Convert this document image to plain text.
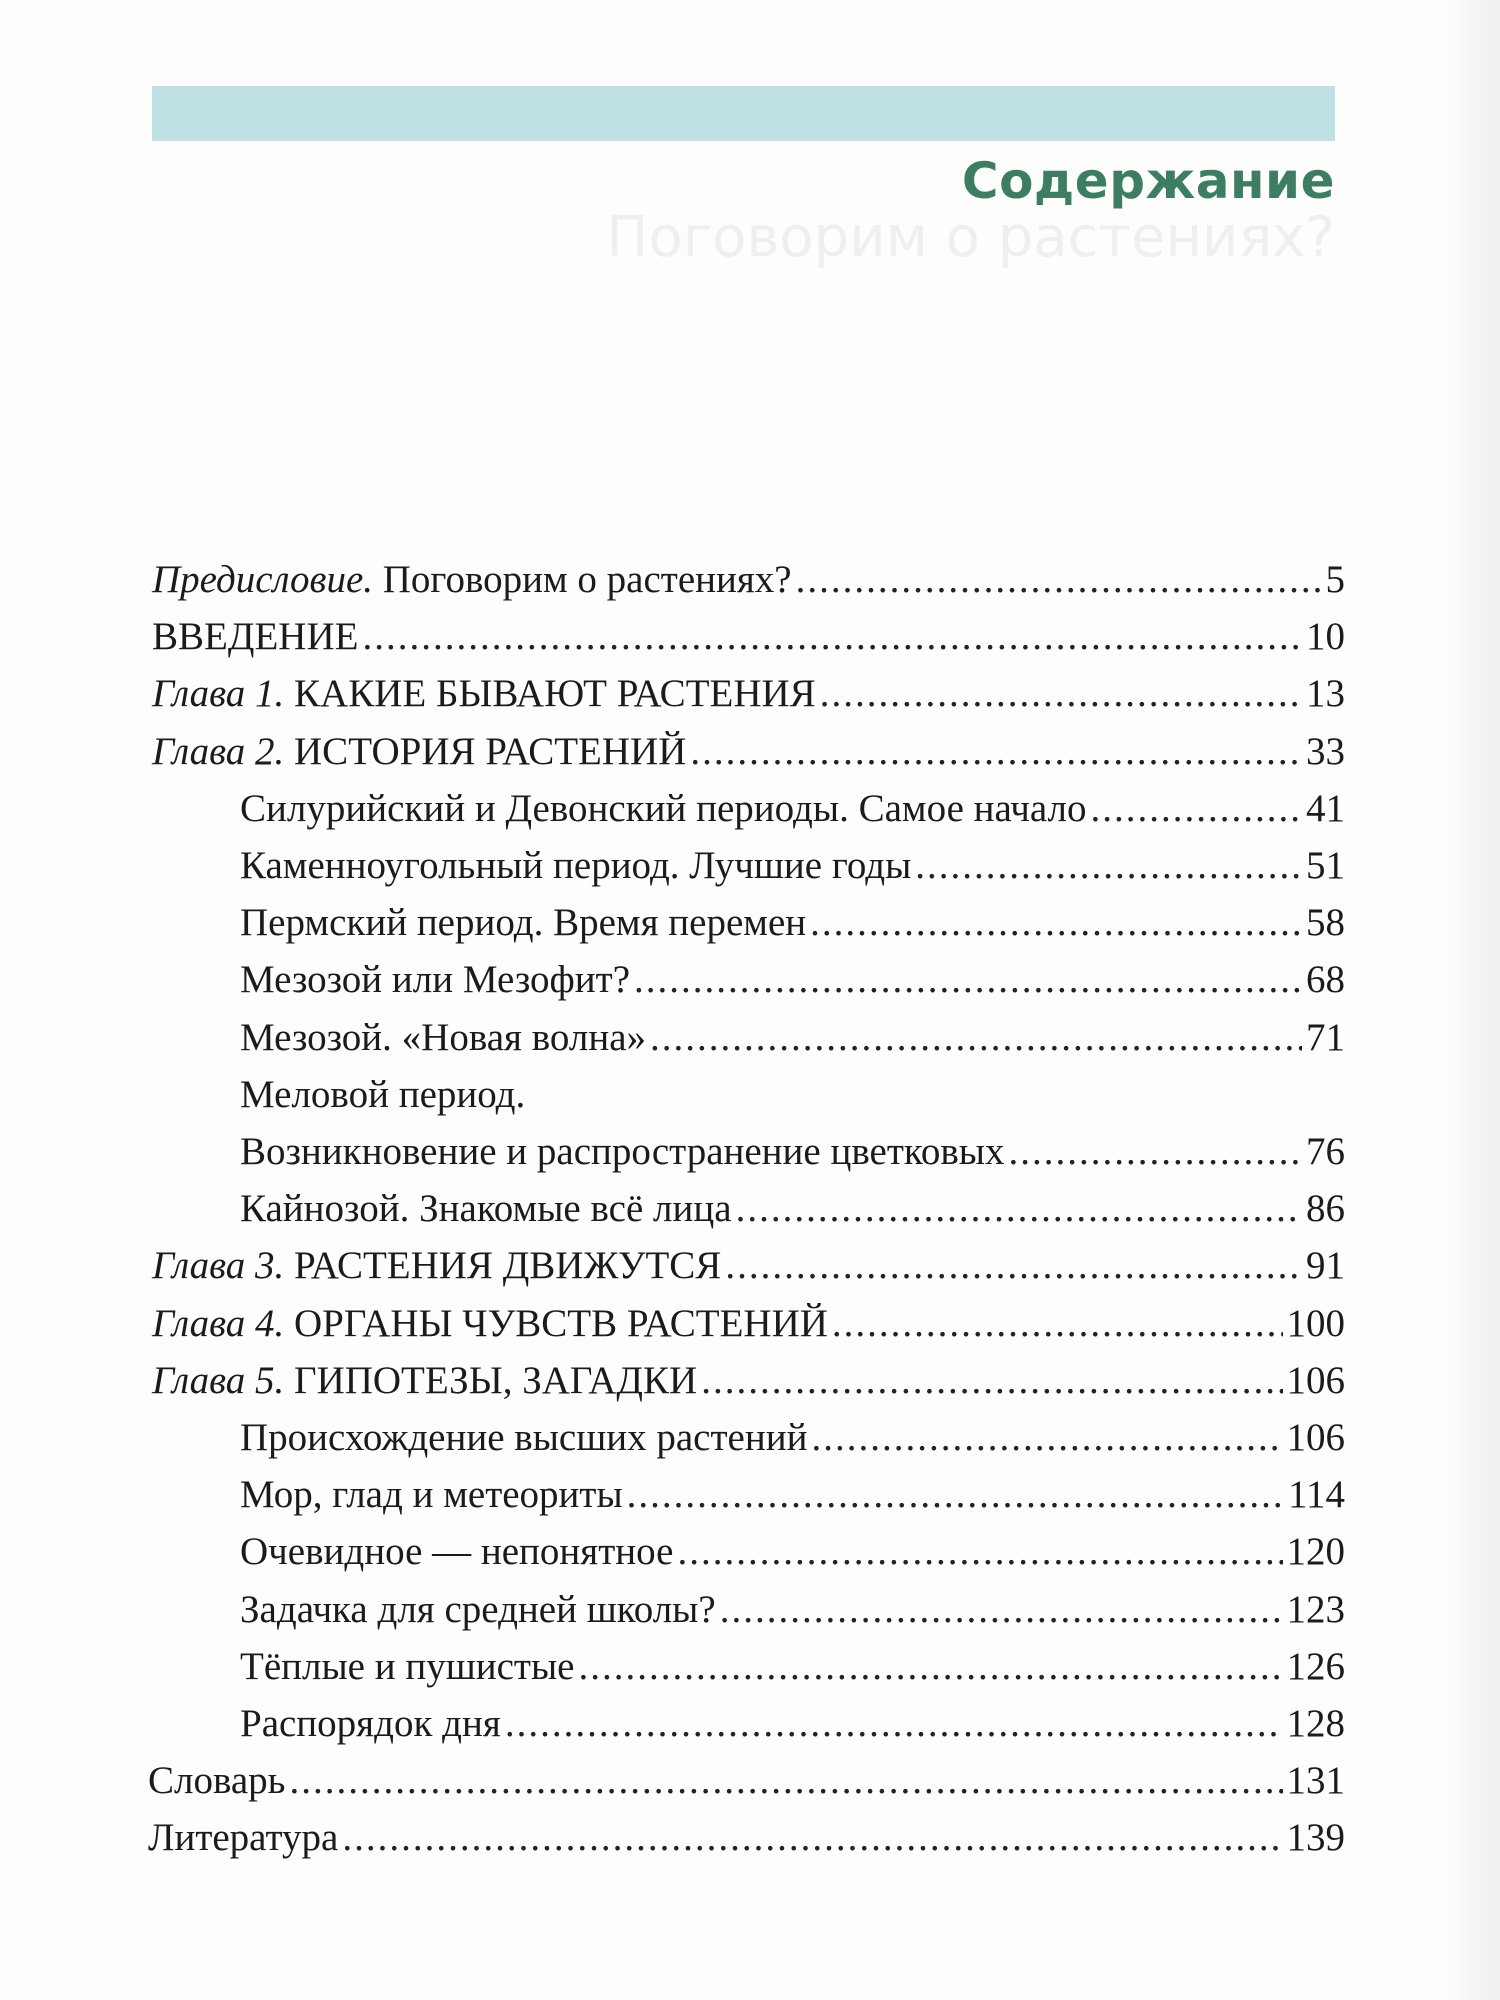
Поговорим о растениях?
Содержание
Предисловие. Поговорим о растениях? .....	5
ВВЕДЕНИЕ .....	10
Глава 1. КАКИЕ БЫВАЮТ РАСТЕНИЯ .....	13
Глава 2. ИСТОРИЯ РАСТЕНИЙ .....	33
Силурийский и Девонский периоды. Самое начало .....	41
Каменноугольный период. Лучшие годы .....	51
Пермский период. Время перемен .....	58
Мезозой или Мезофит? .....	68
Мезозой. «Новая волна» .....	71
Меловой период.
Возникновение и распространение цветковых .....	76
Кайнозой. Знакомые всё лица .....	86
Глава 3. РАСТЕНИЯ ДВИЖУТСЯ .....	91
Глава 4. ОРГАНЫ ЧУВСТВ РАСТЕНИЙ .....	100
Глава 5. ГИПОТЕЗЫ, ЗАГАДКИ .....	106
Происхождение высших растений .....	106
Мор, глад и метеориты .....	114
Очевидное — непонятное .....	120
Задачка для средней школы? .....	123
Тёплые и пушистые .....	126
Распорядок дня .....	128
Словарь .....	131
Литература .....	139
